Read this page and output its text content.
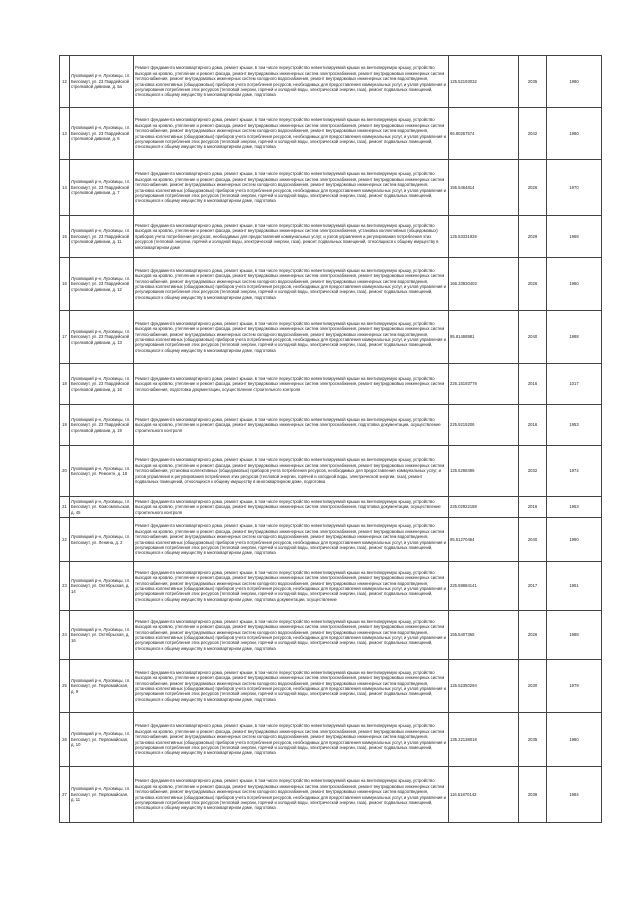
12	Луховицкий р-н, Луховицы, г.п. Белоомут, ул. 23 Гвардейской стрелковой дивизии, д. 5а	Ремонт фундамента многоквартирного дома, ремонт крыши, в том числе переустройство невентилируемой крыши на вентилируемую крышу, устройство выходов на кровлю, утепление и ремонт фасада, ремонт внутридомовых инженерных систем электроснабжения, ремонт внутридомовых инженерных систем теплоснабжения, ремонт внутридомовых инженерных систем холодного водоснабжения, ремонт внутридомовых инженерных систем водоотведения, установка коллективных (общедомовых) приборов учета потребления ресурсов, необходимых для предоставления коммунальных услуг, и узлов управления и регулирования потребления этих ресурсов (тепловой энергии, горячей и холодной воды, электрической энергии, газа), ремонт подвальных помещений, относящихся к общему имуществу в многоквартирном доме, подготовка	125.52193032	2035	1980
13	Луховицкий р-н, Луховицы, г.п. Белоомут, ул. 23 Гвардейской стрелковой дивизии, д. 6	Ремонт фундамента многоквартирного дома, ремонт крыши, в том числе переустройство невентилируемой крыши на вентилируемую крышу, устройство выходов на кровлю, утепление и ремонт фасада, ремонт внутридомовых инженерных систем электроснабжения, ремонт внутридомовых инженерных систем теплоснабжения, ремонт внутридомовых инженерных систем холодного водоснабжения, ремонт внутридомовых инженерных систем водоотведения, установка коллективных (общедомовых) приборов учета потребления ресурсов, необходимых для предоставления коммунальных услуг, и узлов управления и регулирования потребления этих ресурсов (тепловой энергии, горячей и холодной воды, электрической энергии, газа), ремонт подвальных помещений, относящихся к общему имуществу в многоквартирном доме, подготовка	66.80267574	2042	1980
14	Луховицкий р-н, Луховицы, г.п. Белоомут, ул. 23 Гвардейской стрелковой дивизии, д. 7	Ремонт фундамента многоквартирного дома, ремонт крыши, в том числе переустройство невентилируемой крыши на вентилируемую крышу, устройство выходов на кровлю, утепление и ремонт фасада, ремонт внутридомовых инженерных систем электроснабжения, ремонт внутридомовых инженерных систем теплоснабжения, ремонт внутридомовых инженерных систем холодного водоснабжения, ремонт внутридомовых инженерных систем водоотведения, установка коллективных (общедомовых) приборов учета потребления ресурсов, необходимых для предоставления коммунальных услуг, и узлов управления и регулирования потребления этих ресурсов (тепловой энергии, горячей и холодной воды, электрической энергии, газа), ремонт подвальных помещений, относящихся к общему имуществу в многоквартирном доме, подготовка	155.5464814	2026	1970
15	Луховицкий р-н, Луховицы, г.п. Белоомут, ул. 23 Гвардейской стрелковой дивизии, д. 11	Ремонт фундамента многоквартирного дома, ремонт крыши, в том числе переустройство невентилируемой крыши на вентилируемую крышу, устройство выходов на кровлю, утепление и ремонт фасада, ремонт внутридомовых инженерных систем электроснабжения, установка коллективных (общедомовых) приборов учета потребления ресурсов, необходимых для предоставления коммунальных услуг, и узлов управления и регулирования потребления этих ресурсов (тепловой энергии, горячей и холодной воды, электрической энергии, газа), ремонт подвальных помещений, относящихся к общему имуществу в многоквартирном доме	125.53331926	2029	1968
16	Луховицкий р-н, Луховицы, г.п. Белоомут, ул. 23 Гвардейской стрелковой дивизии, д. 12	Ремонт фундамента многоквартирного дома, ремонт крыши, в том числе переустройство невентилируемой крыши на вентилируемую крышу, устройство выходов на кровлю, утепление и ремонт фасада, ремонт внутридомовых инженерных систем электроснабжения, ремонт внутридомовых инженерных систем теплоснабжения, ремонт внутридомовых инженерных систем холодного водоснабжения, ремонт внутридомовых инженерных систем водоотведения, установка коллективных (общедомовых) приборов учета потребления ресурсов, необходимых для предоставления коммунальных услуг, и узлов управления и регулирования потребления этих ресурсов (тепловой энергии, горячей и холодной воды, электрической энергии, газа), ремонт подвальных помещений, относящихся к общему имуществу в многоквартирном доме, подготовка	166.33930402	2026	1960
17	Луховицкий р-н, Луховицы, г.п. Белоомут, ул. 23 Гвардейской стрелковой дивизии, д. 13	Ремонт фундамента многоквартирного дома, ремонт крыши, в том числе переустройство невентилируемой крыши на вентилируемую крышу, устройство выходов на кровлю, утепление и ремонт фасада, ремонт внутридомовых инженерных систем электроснабжения, ремонт внутридомовых инженерных систем теплоснабжения, ремонт внутридомовых инженерных систем холодного водоснабжения, ремонт внутридомовых инженерных систем водоотведения, установка коллективных (общедомовых) приборов учета потребления ресурсов, необходимых для предоставления коммунальных услуг, и узлов управления и регулирования потребления этих ресурсов (тепловой энергии, горячей и холодной воды, электрической энергии, газа), ремонт подвальных помещений, относящихся к общему имуществу в многоквартирном доме, подготовка	95.81468981	2040	1988
18	Луховицкий р-н, Луховицы, г.п. Белоомут, ул. 23 Гвардейской стрелковой дивизии, д. 16	Ремонт фундамента многоквартирного дома, ремонт крыши, в том числе переустройство невентилируемой крыши на вентилируемую крышу, устройство выходов на кровлю, утепление и ремонт фасада, ремонт внутридомовых инженерных систем электроснабжения, ремонт внутридомовых инженерных систем теплоснабжения, подготовка документации, осуществление строительного контроля	226.15193778	2016	1017
19	Луховицкий р-н, Луховицы, г.п. Белоомут, ул. 23 Гвардейской стрелковой дивизии, д. 19	Ремонт фундамента многоквартирного дома, ремонт крыши, в том числе переустройство невентилируемой крыши на вентилируемую крышу, устройство выходов на кровлю, утепление и ремонт фасада, ремонт внутридомовых инженерных систем электроснабжения, подготовка документации, осуществление строительного контроля	225.9215206	2016	1953
20	Луховицкий р-н, Луховицы, г.п. Белоомут, ул. Ремонтн, д. 18	Ремонт фундамента многоквартирного дома, ремонт крыши, в том числе переустройство невентилируемой крыши на вентилируемую крышу, устройство выходов на кровлю, утепление и ремонт фасада, ремонт внутридомовых инженерных систем электроснабжения, ремонт внутридомовых инженерных систем теплоснабжения, установка коллективных (общедомовых) приборов учета потребления ресурсов, необходимых для предоставления коммунальных услуг, и узлов управления и регулирования потребления этих ресурсов (тепловой энергии, горячей и холодной воды, электрической энергии, газа), ремонт подвальных помещений, относящихся к общему имуществу в многоквартирном доме, подготовка	125.5268496	2032	1974
21	Луховицкий р-н, Луховицы, г.п. Белоомут, ул. Комсомольская, д. 45	Ремонт фундамента многоквартирного дома, ремонт крыши, в том числе переустройство невентилируемой крыши на вентилируемую крышу, устройство выходов на кровлю, утепление и ремонт фасада, ремонт внутридомовых инженерных систем электроснабжения, подготовка документации, осуществление строительного контроля	225.02922188	2016	1953
22	Луховицкий р-н, Луховицы, г.п. Белоомут, ул. Ленина, д. 2	Ремонт фундамента многоквартирного дома, ремонт крыши, в том числе переустройство невентилируемой крыши на вентилируемую крышу, устройство выходов на кровлю, утепление и ремонт фасада, ремонт внутридомовых инженерных систем электроснабжения, ремонт внутридомовых инженерных систем теплоснабжения, ремонт внутридомовых инженерных систем холодного водоснабжения, ремонт внутридомовых инженерных систем водоотведения, установка коллективных (общедомовых) приборов учета потребления ресурсов, необходимых для предоставления коммунальных услуг, и узлов управления и регулирования потребления этих ресурсов (тепловой энергии, горячей и холодной воды, электрической энергии, газа), ремонт подвальных помещений, относящихся к общему имуществу в многоквартирном доме, подготовка	95.51270464	2040	1990
23	Луховицкий р-н, Луховицы, г.п. Белоомут, ул. Октябрьская, д. 14	Ремонт фундамента многоквартирного дома, ремонт крыши, в том числе переустройство невентилируемой крыши на вентилируемую крышу, устройство выходов на кровлю, утепление и ремонт фасада, ремонт внутридомовых инженерных систем электроснабжения, ремонт внутридомовых инженерных систем теплоснабжения, ремонт внутридомовых инженерных систем холодного водоснабжения, ремонт внутридомовых инженерных систем водоотведения, установка коллективных (общедомовых) приборов учета потребления ресурсов, необходимых для предоставления коммунальных услуг, и узлов управления и регулирования потребления этих ресурсов (тепловой энергии, горячей и холодной воды, электрической энергии, газа), ремонт подвальных помещений, относящихся к общему имуществу в многоквартирном доме, подготовка документации, осуществление	225.59884141	2017	1951
24	Луховицкий р-н, Луховицы, г.п. Белоомут, ул. Октябрьская, д. 16	Ремонт фундамента многоквартирного дома, ремонт крыши, в том числе переустройство невентилируемой крыши на вентилируемую крышу, устройство выходов на кровлю, утепление и ремонт фасада, ремонт внутридомовых инженерных систем электроснабжения, ремонт внутридомовых инженерных систем теплоснабжения, ремонт внутридомовых инженерных систем холодного водоснабжения, ремонт внутридомовых инженерных систем водоотведения, установка коллективных (общедомовых) приборов учета потребления ресурсов, необходимых для предоставления коммунальных услуг, и узлов управления и регулирования потребления этих ресурсов (тепловой энергии, горячей и холодной воды, электрической энергии, газа), ремонт подвальных помещений, относящихся к общему имуществу в многоквартирном доме, подготовка	155.5407365	2026	1988
25	Луховицкий р-н, Луховицы, г.п. Белоомут, ул. Первомайская, д. 9	Ремонт фундамента многоквартирного дома, ремонт крыши, в том числе переустройство невентилируемой крыши на вентилируемую крышу, устройство выходов на кровлю, утепление и ремонт фасада, ремонт внутридомовых инженерных систем электроснабжения, ремонт внутридомовых инженерных систем теплоснабжения, ремонт внутридомовых инженерных систем холодного водоснабжения, ремонт внутридомовых инженерных систем водоотведения, установка коллективных (общедомовых) приборов учета потребления ресурсов, необходимых для предоставления коммунальных услуг, и узлов управления и регулирования потребления этих ресурсов (тепловой энергии, горячей и холодной воды, электрической энергии, газа), ремонт подвальных помещений, относящихся к общему имуществу в многоквартирном доме, подготовка	125.52350294	2030	1979
26	Луховицкий р-н, Луховицы, г.п. Белоомут, ул. Первомайская, д. 10	Ремонт фундамента многоквартирного дома, ремонт крыши, в том числе переустройство невентилируемой крыши на вентилируемую крышу, устройство выходов на кровлю, утепление и ремонт фасада, ремонт внутридомовых инженерных систем электроснабжения, ремонт внутридомовых инженерных систем теплоснабжения, ремонт внутридомовых инженерных систем холодного водоснабжения, ремонт внутридомовых инженерных систем водоотведения, установка коллективных (общедомовых) приборов учета потребления ресурсов, необходимых для предоставления коммунальных услуг, и узлов управления и регулирования потребления этих ресурсов (тепловой энергии, горячей и холодной воды, электрической энергии, газа), ремонт подвальных помещений, относящихся к общему имуществу в многоквартирном доме, подготовка	135.22138018	2035	1980
27	Луховицкий р-н, Луховицы, г.п. Белоомут, ул. Первомайская, д. 11	Ремонт фундамента многоквартирного дома, ремонт крыши, в том числе переустройство невентилируемой крыши на вентилируемую крышу, устройство выходов на кровлю, утепление и ремонт фасада, ремонт внутридомовых инженерных систем электроснабжения, ремонт внутридомовых инженерных систем теплоснабжения, ремонт внутридомовых инженерных систем холодного водоснабжения, ремонт внутридомовых инженерных систем водоотведения, установка коллективных (общедомовых) приборов учета потребления ресурсов, необходимых для предоставления коммунальных услуг, и узлов управления и регулирования потребления этих ресурсов (тепловой энергии, горячей и холодной воды, электрической энергии, газа), ремонт подвальных помещений, относящихся к общему имуществу в многоквартирном доме, подготовка	116.51870142	2038	1984
